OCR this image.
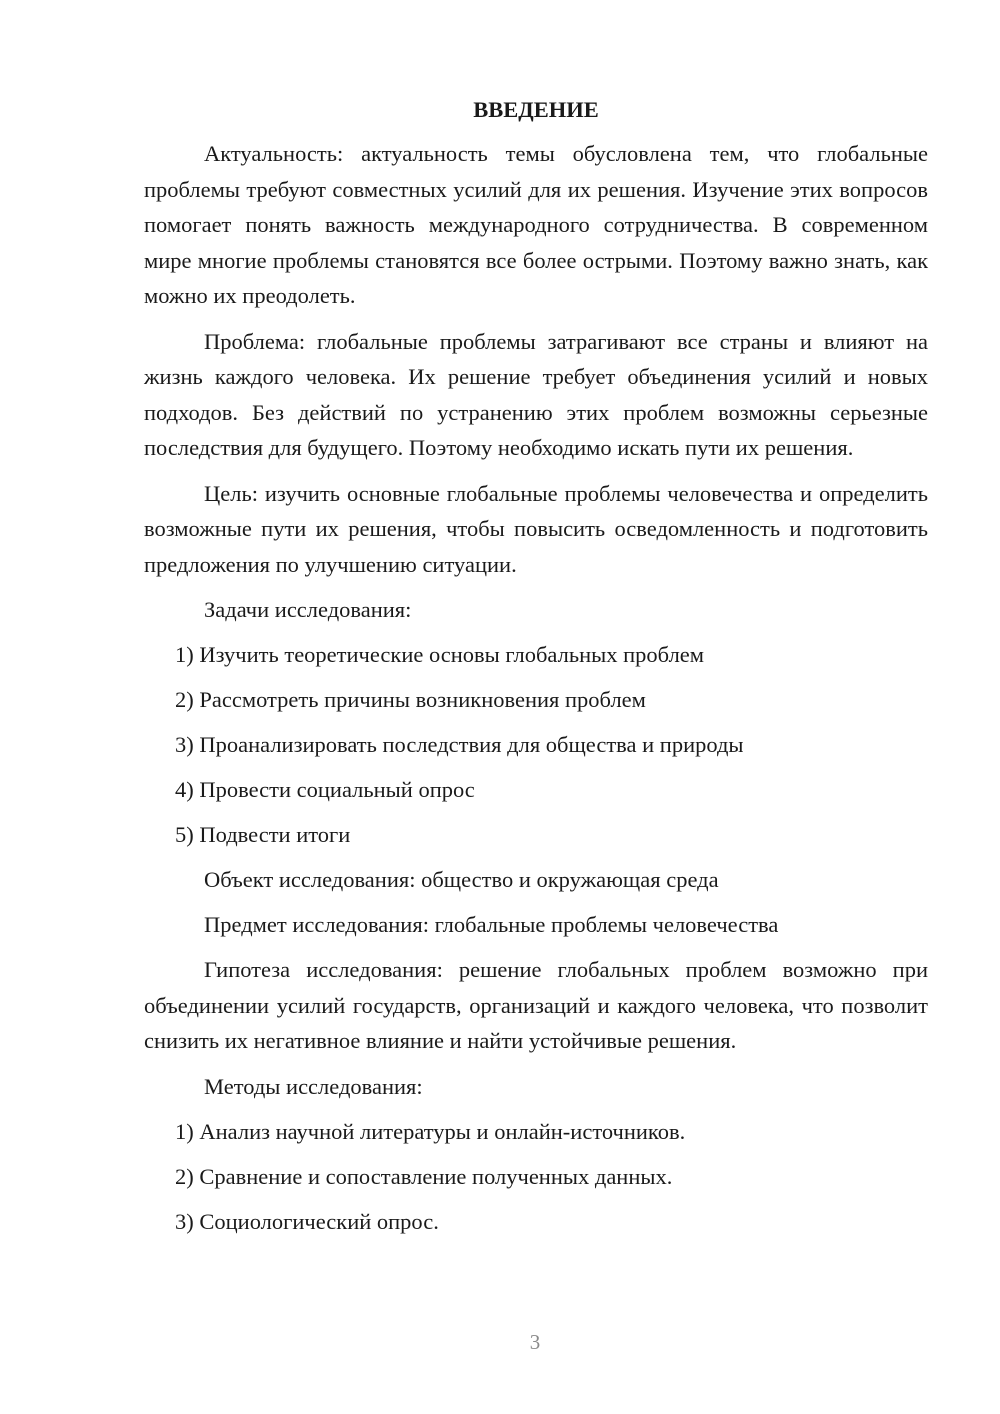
ВВЕДЕНИЕ

Актуальность: актуальность темы обусловлена тем, что глобальные проблемы требуют совместных усилий для их решения. Изучение этих вопросов помогает понять важность международного сотрудничества. В современном мире многие проблемы становятся все более острыми. Поэтому важно знать, как можно их преодолеть.

Проблема: глобальные проблемы затрагивают все страны и влияют на жизнь каждого человека. Их решение требует объединения усилий и новых подходов. Без действий по устранению этих проблем возможны серьезные последствия для будущего. Поэтому необходимо искать пути их решения.

Цель: изучить основные глобальные проблемы человечества и определить возможные пути их решения, чтобы повысить осведомленность и подготовить предложения по улучшению ситуации.

Задачи исследования:
1) Изучить теоретические основы глобальных проблем
2) Рассмотреть причины возникновения проблем
3) Проанализировать последствия для общества и природы
4) Провести социальный опрос
5) Подвести итоги
Объект исследования: общество и окружающая среда
Предмет исследования: глобальные проблемы человечества

Гипотеза исследования: решение глобальных проблем возможно при объединении усилий государств, организаций и каждого человека, что позволит снизить их негативное влияние и найти устойчивые решения.

Методы исследования:
1) Анализ научной литературы и онлайн-источников.
2) Сравнение и сопоставление полученных данных.
3) Социологический опрос.
3
